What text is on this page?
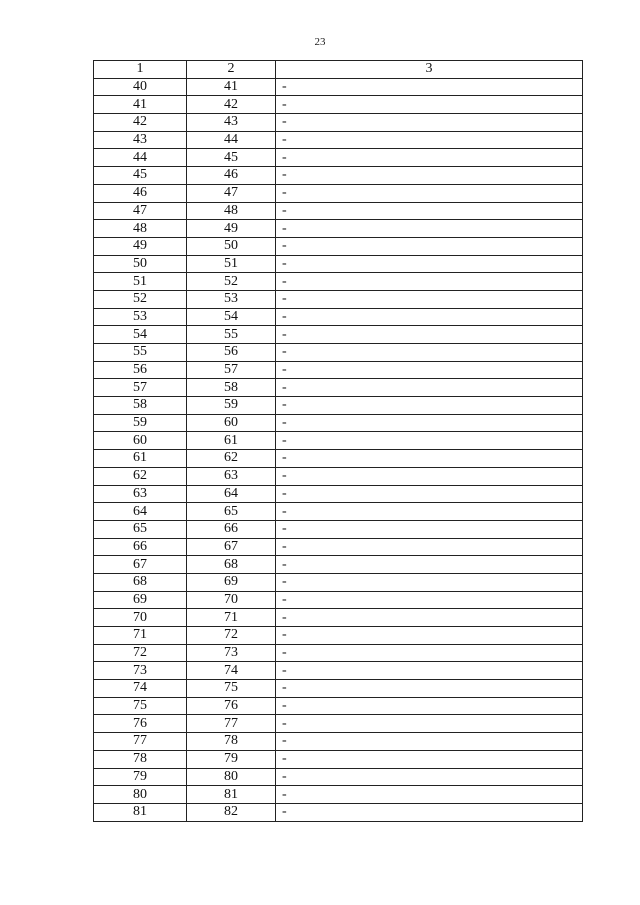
23
1	2	3
40	41	-
41	42	-
42	43	-
43	44	-
44	45	-
45	46	-
46	47	-
47	48	-
48	49	-
49	50	-
50	51	-
51	52	-
52	53	-
53	54	-
54	55	-
55	56	-
56	57	-
57	58	-
58	59	-
59	60	-
60	61	-
61	62	-
62	63	-
63	64	-
64	65	-
65	66	-
66	67	-
67	68	-
68	69	-
69	70	-
70	71	-
71	72	-
72	73	-
73	74	-
74	75	-
75	76	-
76	77	-
77	78	-
78	79	-
79	80	-
80	81	-
81	82	-
